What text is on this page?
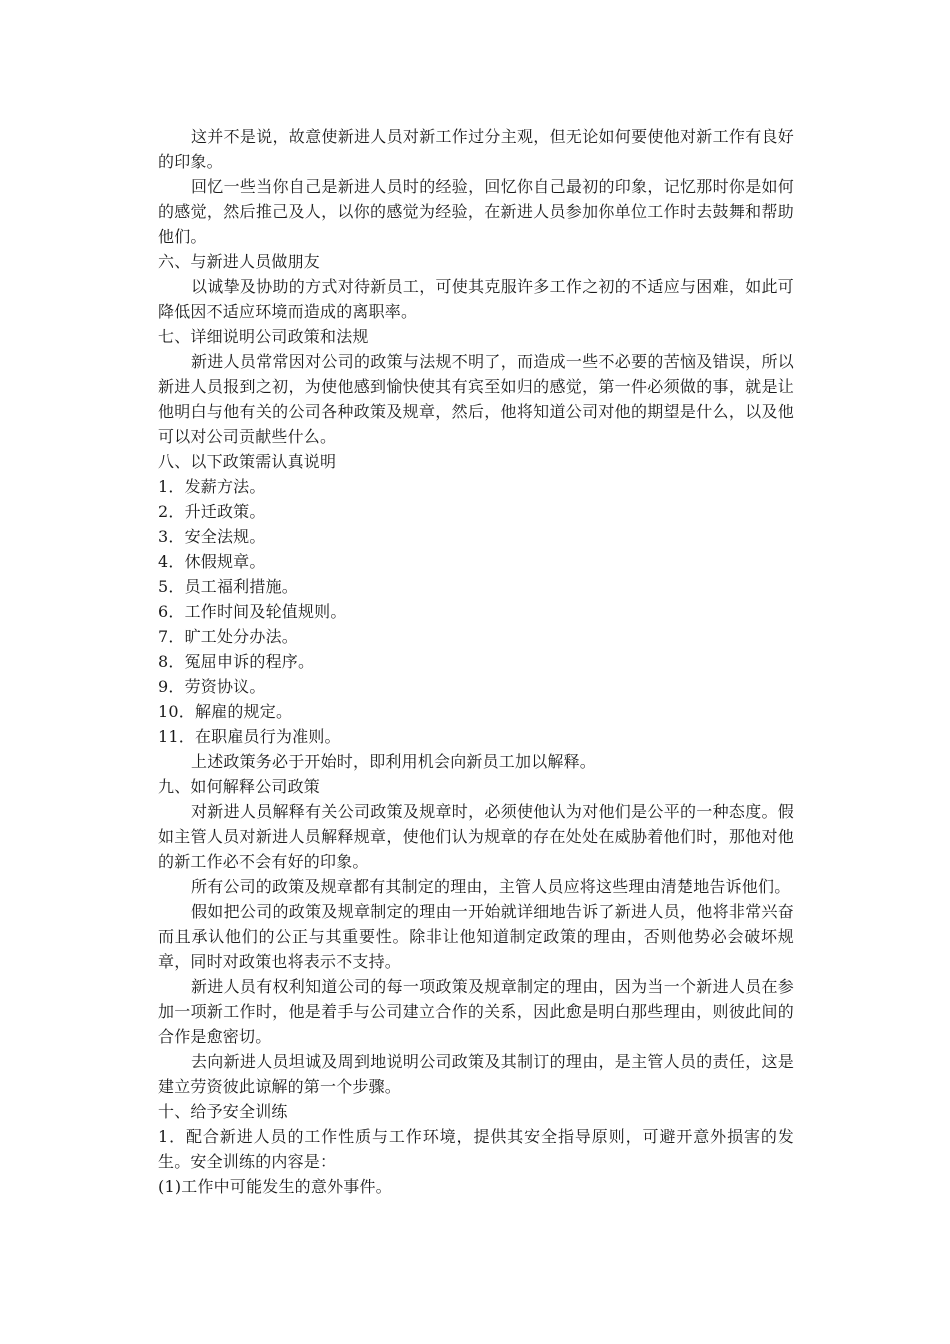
这并不是说，故意使新进人员对新工作过分主观，但无论如何要使他对新工作有良好的印象。

回忆一些当你自己是新进人员时的经验，回忆你自己最初的印象，记忆那时你是如何的感觉，然后推己及人，以你的感觉为经验，在新进人员参加你单位工作时去鼓舞和帮助他们。

六、与新进人员做朋友

以诚挚及协助的方式对待新员工，可使其克服许多工作之初的不适应与困难，如此可降低因不适应环境而造成的离职率。

七、详细说明公司政策和法规

新进人员常常因对公司的政策与法规不明了，而造成一些不必要的苦恼及错误，所以新进人员报到之初，为使他感到愉快使其有宾至如归的感觉，第一件必须做的事，就是让他明白与他有关的公司各种政策及规章，然后，他将知道公司对他的期望是什么，以及他可以对公司贡献些什么。

八、以下政策需认真说明

1．发薪方法。

2．升迁政策。

3．安全法规。

4．休假规章。

5．员工福利措施。

6．工作时间及轮值规则。

7．旷工处分办法。

8．冤屈申诉的程序。

9．劳资协议。

10．解雇的规定。

11．在职雇员行为准则。

上述政策务必于开始时，即利用机会向新员工加以解释。

九、如何解释公司政策

对新进人员解释有关公司政策及规章时，必须使他认为对他们是公平的一种态度。假如主管人员对新进人员解释规章，使他们认为规章的存在处处在威胁着他们时，那他对他的新工作必不会有好的印象。

所有公司的政策及规章都有其制定的理由，主管人员应将这些理由清楚地告诉他们。

假如把公司的政策及规章制定的理由一开始就详细地告诉了新进人员，他将非常兴奋而且承认他们的公正与其重要性。除非让他知道制定政策的理由，否则他势必会破坏规章，同时对政策也将表示不支持。

新进人员有权利知道公司的每一项政策及规章制定的理由，因为当一个新进人员在参加一项新工作时，他是着手与公司建立合作的关系，因此愈是明白那些理由，则彼此间的合作是愈密切。

去向新进人员坦诚及周到地说明公司政策及其制订的理由，是主管人员的责任，这是建立劳资彼此谅解的第一个步骤。

十、给予安全训练

1．配合新进人员的工作性质与工作环境，提供其安全指导原则，可避开意外损害的发生。安全训练的内容是：

(1)工作中可能发生的意外事件。
